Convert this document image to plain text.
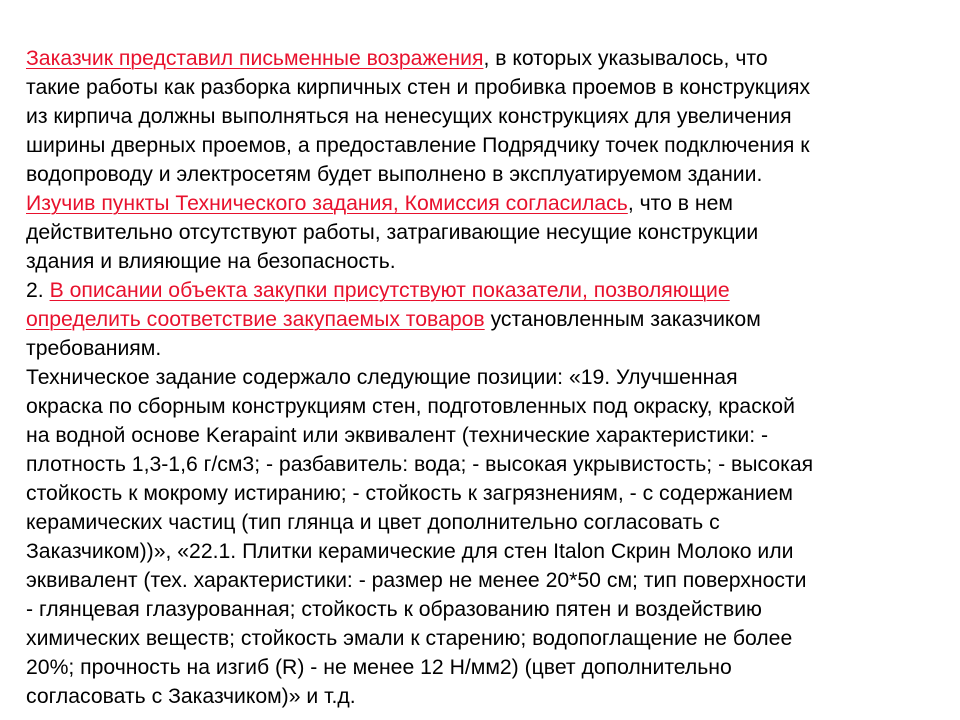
Заказчик представил письменные возражения, в которых указывалось, что
такие работы как разборка кирпичных стен и пробивка проемов в конструкциях
из кирпича должны выполняться на ненесущих конструкциях для увеличения
ширины дверных проемов, а предоставление Подрядчику точек подключения к
водопроводу и электросетям будет выполнено в эксплуатируемом здании.
Изучив пункты Технического задания, Комиссия согласилась, что в нем
действительно отсутствуют работы, затрагивающие несущие конструкции
здания и влияющие на безопасность.
2. В описании объекта закупки присутствуют показатели, позволяющие
определить соответствие закупаемых товаров установленным заказчиком
требованиям.
Техническое задание содержало следующие позиции: «19. Улучшенная
окраска по сборным конструкциям стен, подготовленных под окраску, краской
на водной основе Kerapaint или эквивалент (технические характеристики: -
плотность 1,3-1,6 г/см3; - разбавитель: вода; - высокая укрывистость; - высокая
стойкость к мокрому истиранию; - стойкость к загрязнениям, - с содержанием
керамических частиц (тип глянца и цвет дополнительно согласовать с
Заказчиком))», «22.1. Плитки керамические для стен Italon Скрин Молоко или
эквивалент (тех. характеристики: - размер не менее 20*50 см; тип поверхности
- глянцевая глазурованная; стойкость к образованию пятен и воздействию
химических веществ; стойкость эмали к старению; водопоглащение не более
20%; прочность на изгиб (R) - не менее 12 Н/мм2) (цвет дополнительно
согласовать с Заказчиком)» и т.д.
